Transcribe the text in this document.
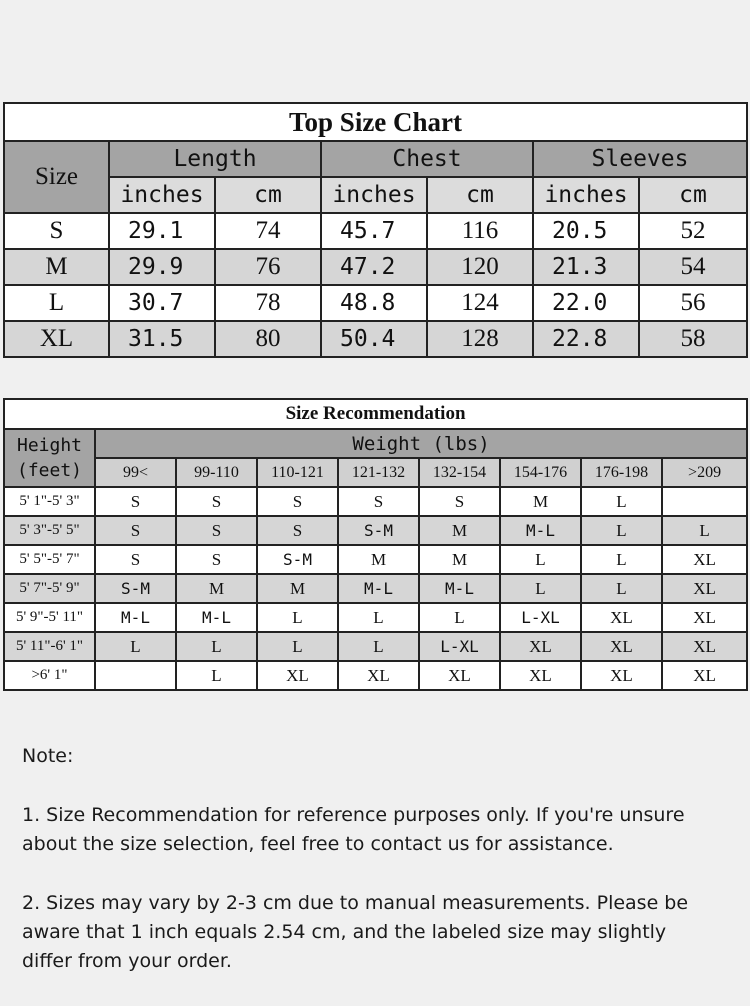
Top Size Chart						
Size	Length		Chest		Sleeves	
	inches	cm	inches	cm	inches	cm
S	29.1	74	45.7	116	20.5	52
M	29.9	76	47.2	120	21.3	54
L	30.7	78	48.8	124	22.0	56
XL	31.5	80	50.4	128	22.8	58
Size Recommendation								
Height (feet)	Weight (lbs)							
	99<	99-110	110-121	121-132	132-154	154-176	176-198	>209
5' 1"-5' 3"	S	S	S	S	S	M	L	
5' 3"-5' 5"	S	S	S	S-M	M	M-L	L	L
5' 5"-5' 7"	S	S	S-M	M	M	L	L	XL
5' 7"-5' 9"	S-M	M	M	M-L	M-L	L	L	XL
5' 9"-5' 11"	M-L	M-L	L	L	L	L-XL	XL	XL
5' 11"-6' 1"	L	L	L	L	L-XL	XL	XL	XL
>6' 1"		L	XL	XL	XL	XL	XL	XL

Note:

1. Size Recommendation for reference purposes only. If you're unsure about the size selection, feel free to contact us for assistance.

2. Sizes may vary by 2-3 cm due to manual measurements. Please be aware that 1 inch equals 2.54 cm, and the labeled size may slightly differ from your order.
